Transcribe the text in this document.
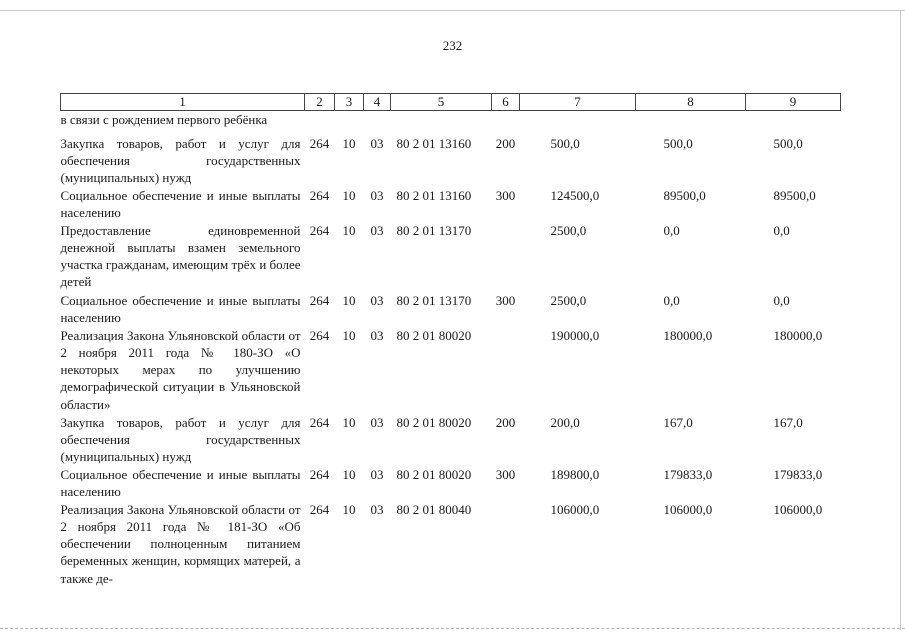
232
1	2	3	4	5	6	7	8	9
в связи с рождением первого ребёнка								
Закупка товаров, работ и услуг для обеспечения государственных (муниципальных) нужд	264	10	03	80 2 01 13160	200	500,0	500,0	500,0
Социальное обеспечение и иные выплаты населению	264	10	03	80 2 01 13160	300	124500,0	89500,0	89500,0
Предоставление единовременной денежной выплаты взамен земельного участка гражданам, имеющим трёх и более детей	264	10	03	80 2 01 13170		2500,0	0,0	0,0
Социальное обеспечение и иные выплаты населению	264	10	03	80 2 01 13170	300	2500,0	0,0	0,0
Реализация Закона Ульяновской области от 2 ноября 2011 года № 180-ЗО «О некоторых мерах по улучшению демографической ситуации в Ульяновской области»	264	10	03	80 2 01 80020		190000,0	180000,0	180000,0
Закупка товаров, работ и услуг для обеспечения государственных (муниципальных) нужд	264	10	03	80 2 01 80020	200	200,0	167,0	167,0
Социальное обеспечение и иные выплаты населению	264	10	03	80 2 01 80020	300	189800,0	179833,0	179833,0
Реализация Закона Ульяновской области от 2 ноября 2011 года № 181-ЗО «Об обеспечении полноценным питанием беременных женщин, кормящих матерей, а также де-	264	10	03	80 2 01 80040		106000,0	106000,0	106000,0
